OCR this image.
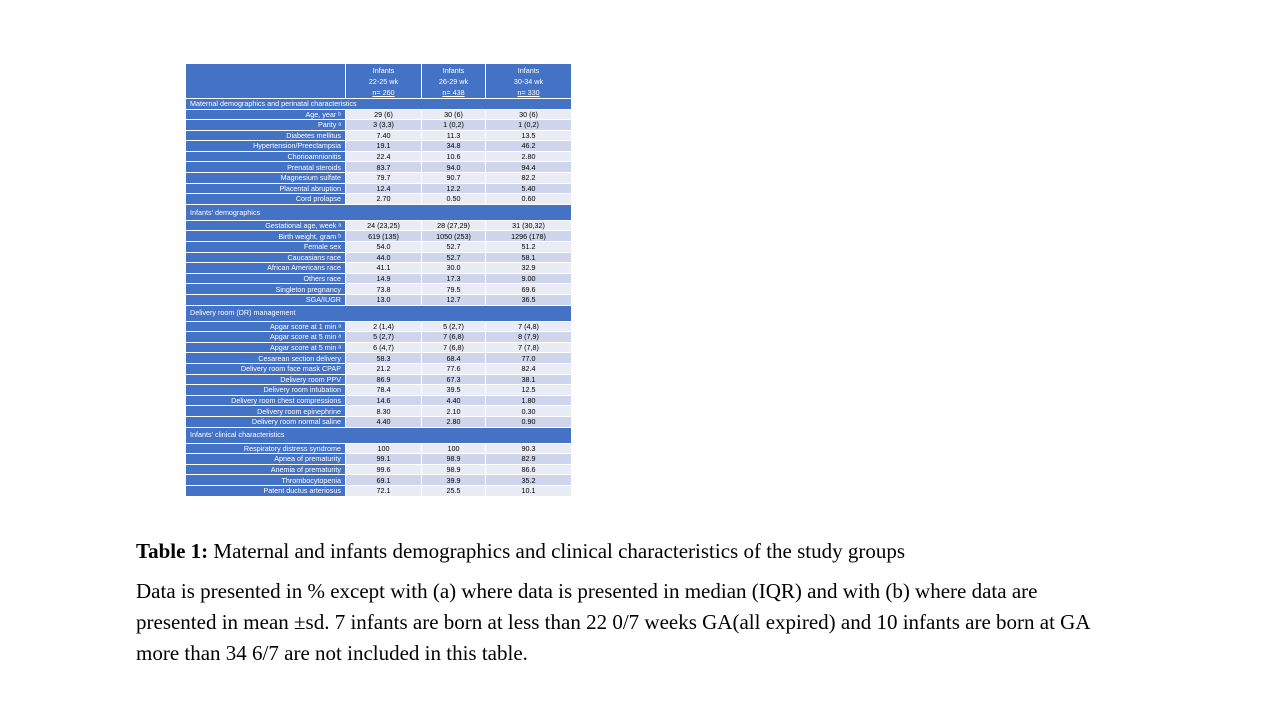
	Infants
22-25 wk
n= 260	Infants
26-29 wk
n= 438	Infants
30-34 wk
n= 330

Maternal demographics and perinatal characteristics			
Age, year ᵇ	29 (6)	30 (6)	30 (6)
Parity ᵃ	3 (3,3)	1 (0,2)	1 (0,2)
Diabetes mellitus	7.40	11.3	13.5
Hypertension/Preeclampsia	19.1	34.8	46.2
Chorioamnionitis	22.4	10.6	2.80
Prenatal steroids	83.7	94.0	94.4
Magnesium sulfate	79.7	90.7	82.2
Placental abruption	12.4	12.2	5.40
Cord prolapse	2.70	0.50	0.60
Infants' demographics			
Gestational age, week ᵃ	24 (23,25)	28 (27,29)	31 (30,32)
Birth weight, gram ᵇ	619 (135)	1050 (253)	1296 (178)
Female sex	54.0	52.7	51.2
Caucasians race	44.0	52.7	58.1
African Americans race	41.1	30.0	32.9
Others race	14.9	17.3	9.00
Singleton pregnancy	73.8	79.5	69.6
SGA/IUGR	13.0	12.7	36.5
Delivery room (DR) management			
Apgar score at 1 min ᵃ	2 (1,4)	5 (2,7)	7 (4,8)
Apgar score at 5 min ᵃ	5 (2,7)	7 (6,8)	8 (7,9)
Apgar score at 5 min ᵃ	6 (4,7)	7 (6,8)	7 (7,8)
Cesarean section delivery	58.3	68.4	77.0
Delivery room face mask CPAP	21.2	77.6	82.4
Delivery room PPV	86.9	67.3	38.1
Delivery room intubation	78.4	39.5	12.5
Delivery room chest compressions	14.6	4.40	1.80
Delivery room epinephrine	8.30	2.10	0.30
Delivery room normal saline	4.40	2.80	0.90
Infants' clinical characteristics			
Respiratory distress syndrome	100	100	90.3
Apnea of prematurity	99.1	98.9	82.9
Anemia of prematurity	99.6	98.9	86.6
Thrombocytopenia	69.1	39.9	35.2
Patent ductus arteriosus	72.1	25.5	10.1
Table 1: Maternal and infants demographics and clinical characteristics of the study groups

Data is presented in % except with (a) where data is presented in median (IQR) and with (b) where data are

presented in mean ±sd. 7 infants are born at less than 22 0/7 weeks GA(all expired) and 10 infants are born at GA

more than 34 6/7 are not included in this table.
